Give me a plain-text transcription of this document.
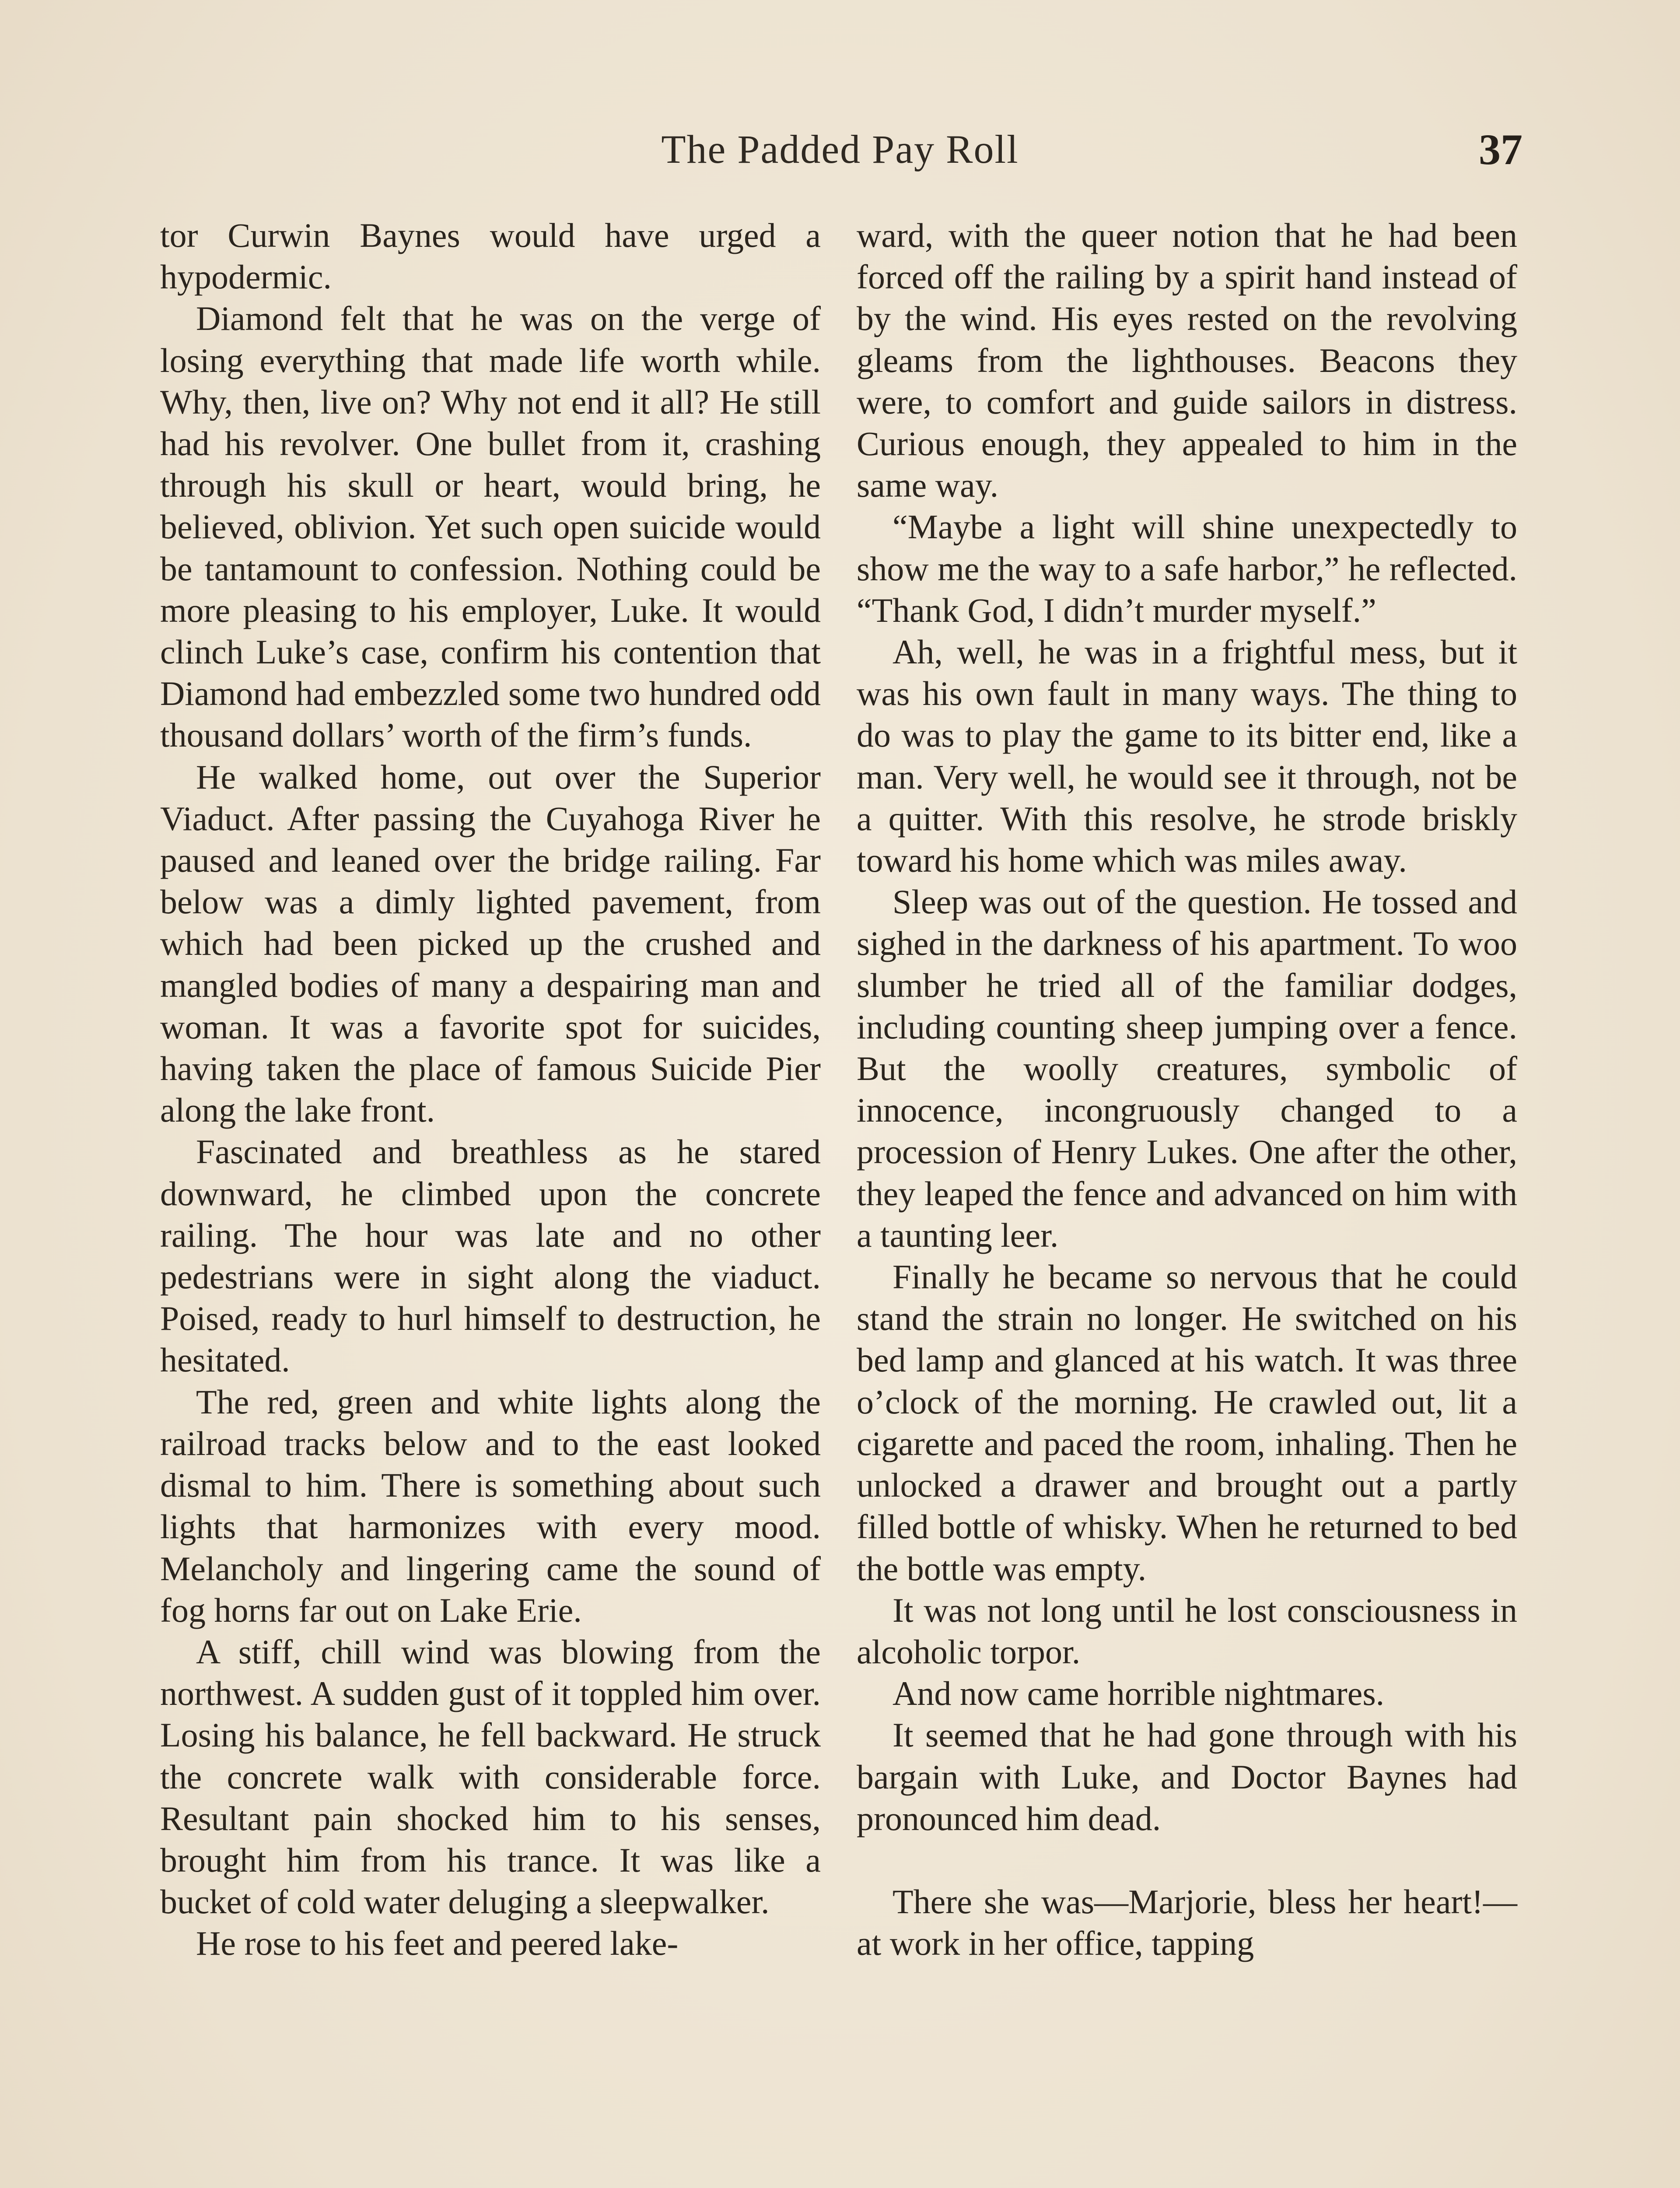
The Padded Pay Roll	37

tor Curwin Baynes would have urged a hypodermic.

Diamond felt that he was on the verge of losing everything that made life worth while. Why, then, live on? Why not end it all? He still had his revolver. One bullet from it, crashing through his skull or heart, would bring, he believed, oblivion. Yet such open suicide would be tantamount to confession. Nothing could be more pleasing to his employer, Luke. It would clinch Luke’s case, confirm his contention that Diamond had embezzled some two hundred odd thousand dollars’ worth of the firm’s funds.

He walked home, out over the Superior Viaduct. After passing the Cuyahoga River he paused and leaned over the bridge railing. Far below was a dimly lighted pavement, from which had been picked up the crushed and mangled bodies of many a despairing man and woman. It was a favorite spot for suicides, having taken the place of famous Suicide Pier along the lake front.

Fascinated and breathless as he stared downward, he climbed upon the concrete railing. The hour was late and no other pedestrians were in sight along the viaduct. Poised, ready to hurl himself to destruction, he hesitated.

The red, green and white lights along the railroad tracks below and to the east looked dismal to him. There is something about such lights that harmonizes with every mood. Melancholy and lingering came the sound of fog horns far out on Lake Erie.

A stiff, chill wind was blowing from the northwest. A sudden gust of it toppled him over. Losing his balance, he fell backward. He struck the concrete walk with considerable force. Resultant pain shocked him to his senses, brought him from his trance. It was like a bucket of cold water deluging a sleepwalker.

He rose to his feet and peered lake-

ward, with the queer notion that he had been forced off the railing by a spirit hand instead of by the wind. His eyes rested on the revolving gleams from the lighthouses. Beacons they were, to comfort and guide sailors in distress. Curious enough, they appealed to him in the same way.

“Maybe a light will shine unexpectedly to show me the way to a safe harbor,” he reflected. “Thank God, I didn’t murder myself.”

Ah, well, he was in a frightful mess, but it was his own fault in many ways. The thing to do was to play the game to its bitter end, like a man. Very well, he would see it through, not be a quitter. With this resolve, he strode briskly toward his home which was miles away.

Sleep was out of the question. He tossed and sighed in the darkness of his apartment. To woo slumber he tried all of the familiar dodges, including counting sheep jumping over a fence. But the woolly creatures, symbolic of innocence, incongruously changed to a procession of Henry Lukes. One after the other, they leaped the fence and advanced on him with a taunting leer.

Finally he became so nervous that he could stand the strain no longer. He switched on his bed lamp and glanced at his watch. It was three o’clock of the morning. He crawled out, lit a cigarette and paced the room, inhaling. Then he unlocked a drawer and brought out a partly filled bottle of whisky. When he returned to bed the bottle was empty.

It was not long until he lost consciousness in alcoholic torpor.

And now came horrible nightmares.

It seemed that he had gone through with his bargain with Luke, and Doctor Baynes had pronounced him dead.

There she was—Marjorie, bless her heart!—at work in her office, tapping
